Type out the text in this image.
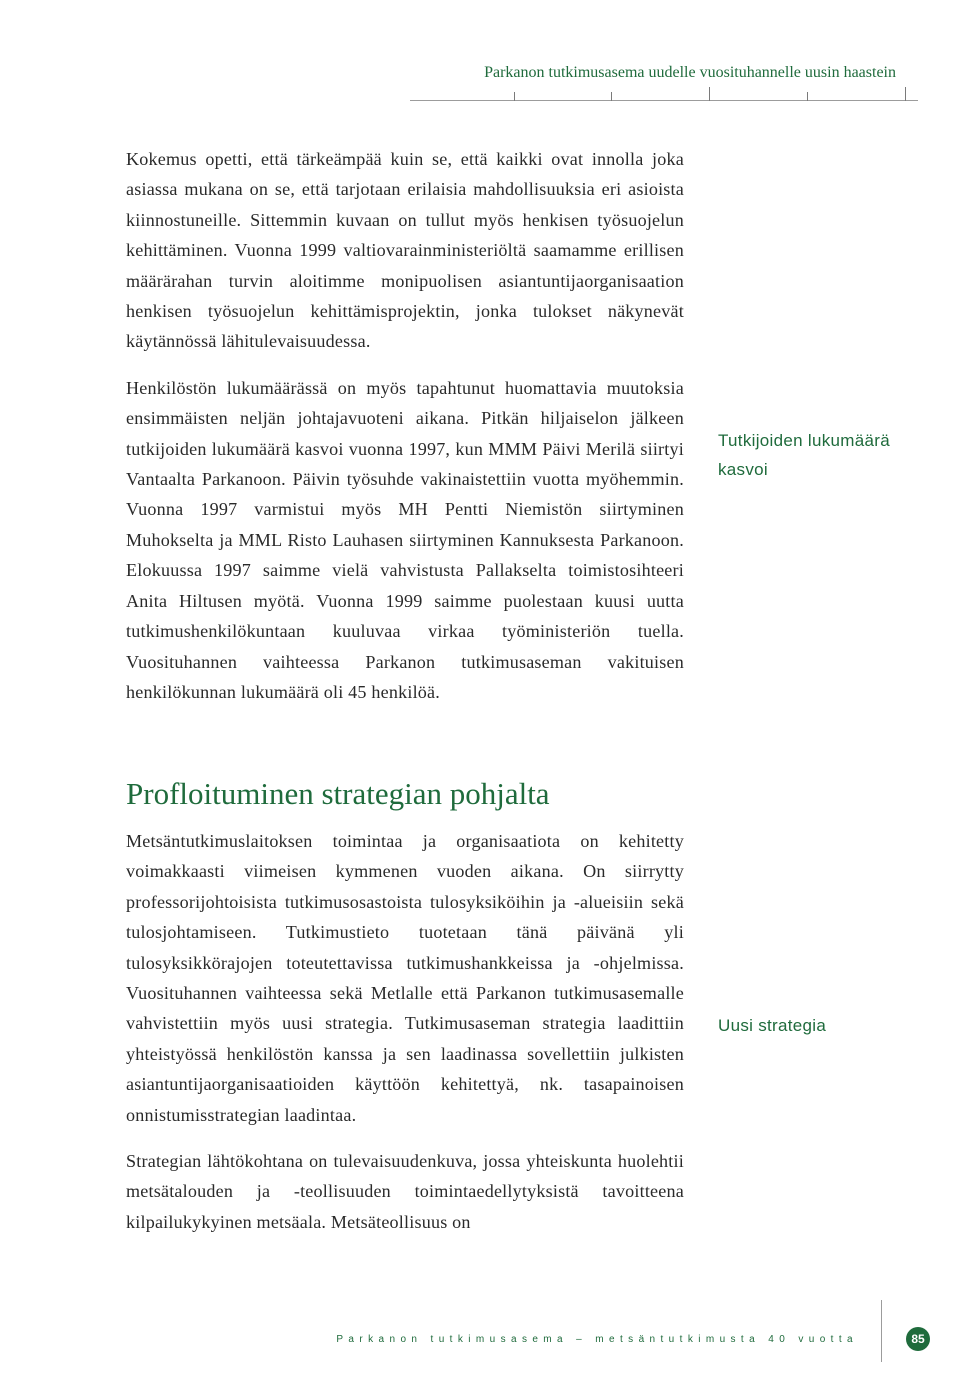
Parkanon tutkimusasema uudelle vuosituhannelle uusin haastein

Kokemus opetti, että tärkeämpää kuin se, että kaikki ovat innolla joka asiassa mukana on se, että tarjotaan erilaisia mahdollisuuksia eri asioista kiinnostuneille. Sittemmin kuvaan on tullut myös henkisen työsuojelun kehittäminen. Vuonna 1999 valtiovarainministeriöltä saamamme erillisen määrärahan turvin aloitimme monipuolisen asiantuntijaorganisaation henkisen työsuojelun kehittämisprojektin, jonka tulokset näkynevät käytännössä lähitulevaisuudessa.

Henkilöstön lukumäärässä on myös tapahtunut huomattavia muutoksia ensimmäisten neljän johtajavuoteni aikana. Pitkän hiljaiselon jälkeen tutkijoiden lukumäärä kasvoi vuonna 1997, kun MMM Päivi Merilä siirtyi Vantaalta Parkanoon. Päivin työsuhde vakinaistettiin vuotta myöhemmin. Vuonna 1997 varmistui myös MH Pentti Niemistön siirtyminen Muhokselta ja MML Risto Lauhasen siirtyminen Kannuksesta Parkanoon. Elokuussa 1997 saimme vielä vahvistusta Pallakselta toimistosihteeri Anita Hiltusen myötä. Vuonna 1999 saimme puolestaan kuusi uutta tutkimushenkilökuntaan kuuluvaa virkaa työministeriön tuella. Vuosituhannen vaihteessa Parkanon tutkimusaseman vakituisen henkilökunnan lukumäärä oli 45 henkilöä.

Profloituminen strategian pohjalta

Metsäntutkimuslaitoksen toimintaa ja organisaatiota on kehitetty voimakkaasti viimeisen kymmenen vuoden aikana. On siirrytty professorijohtoisista tutkimusosastoista tulosyksiköihin ja -alueisiin sekä tulosjohtamiseen. Tutkimustieto tuotetaan tänä päivänä yli tulosyksikkörajojen toteutettavissa tutkimushankkeissa ja -ohjelmissa. Vuosituhannen vaihteessa sekä Metlalle että Parkanon tutkimusasemalle vahvistettiin myös uusi strategia. Tutkimusaseman strategia laadittiin yhteistyössä henkilöstön kanssa ja sen laadinassa sovellettiin julkisten asiantuntijaorganisaatioiden käyttöön kehitettyä, nk. tasapainoisen onnistumisstrategian laadintaa.

Strategian lähtökohtana on tulevaisuudenkuva, jossa yhteiskunta huolehtii metsätalouden ja -teollisuuden toimintaedellytyksistä tavoitteena kilpailukykyinen metsäala. Metsäteollisuus on

Tutkijoiden lukumäärä kasvoi
Uusi strategia
Parkanon tutkimusasema – metsäntutkimusta 40 vuotta	85
